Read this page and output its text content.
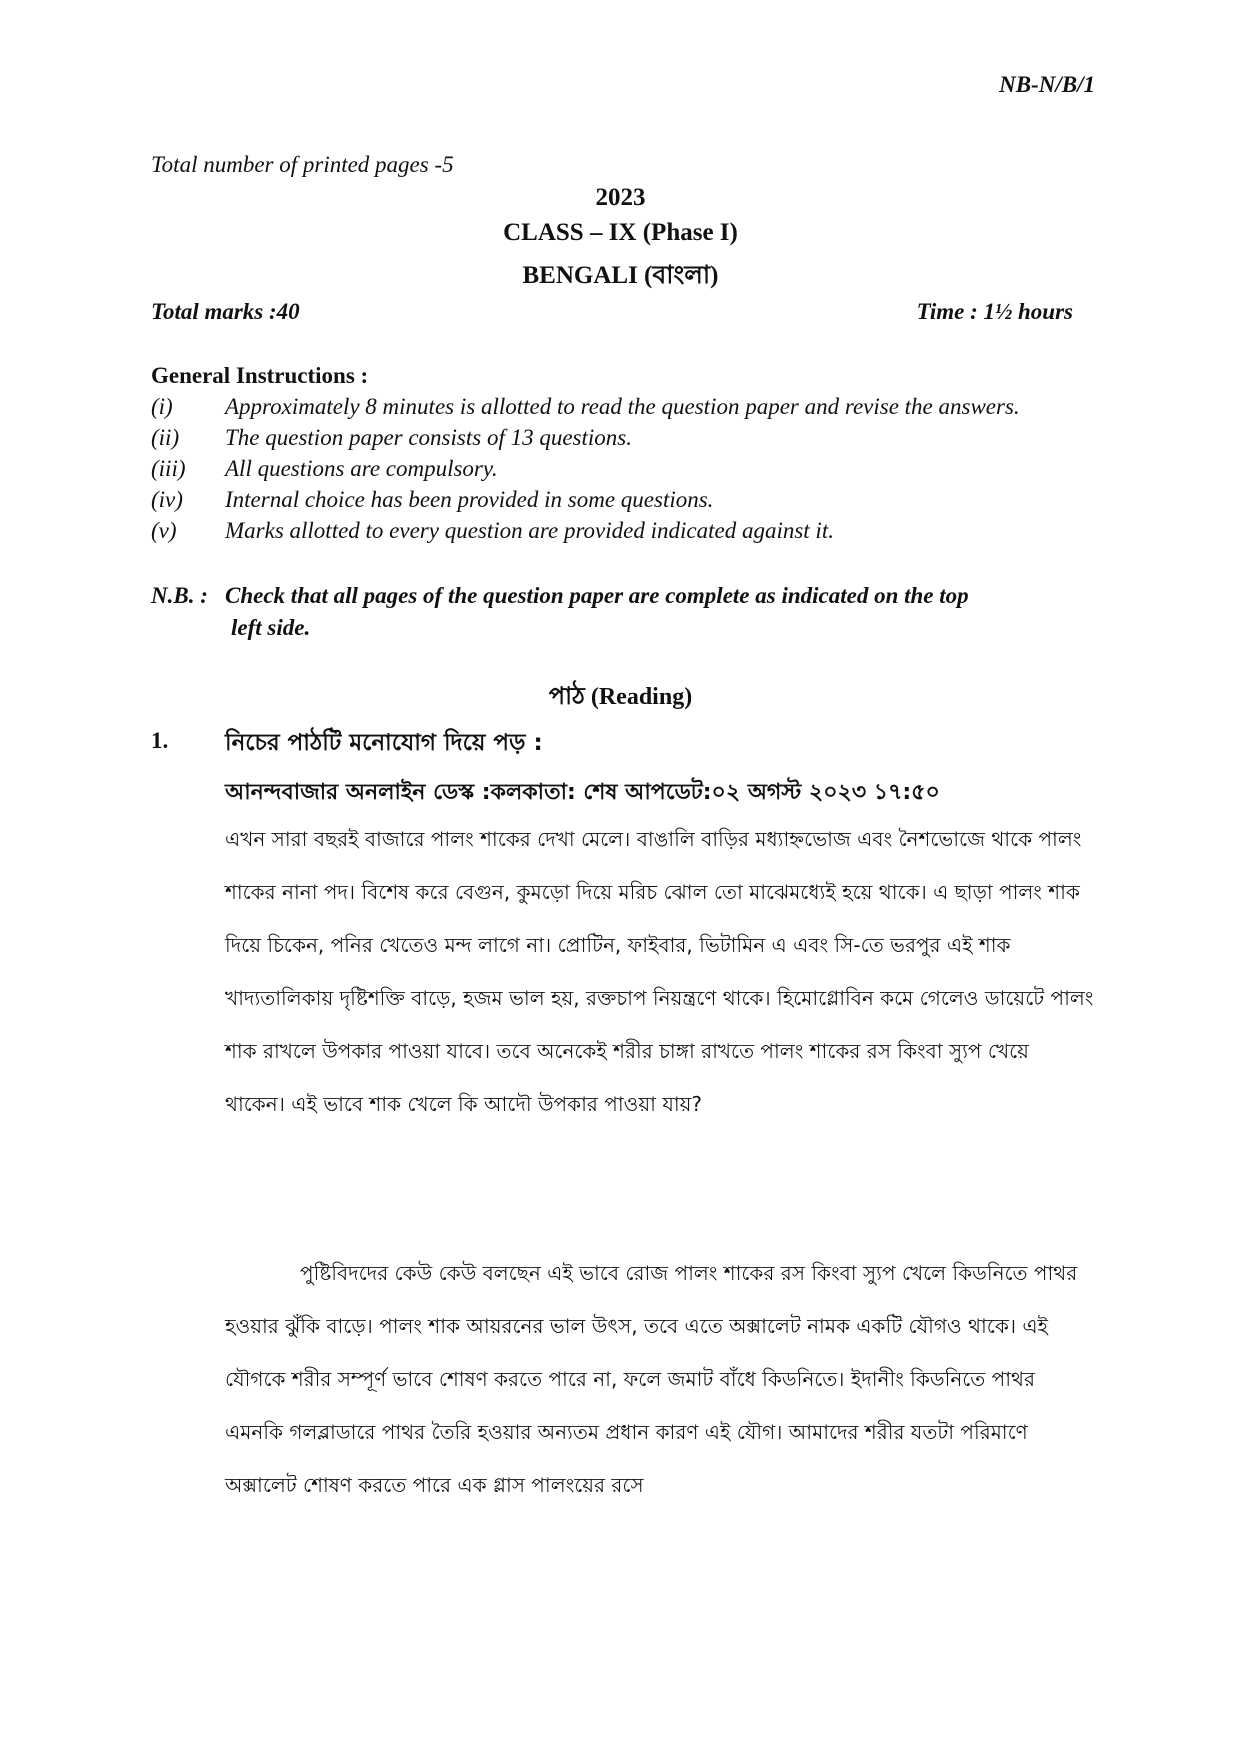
NB-N/B/1
Total number of printed pages -5
2023
CLASS – IX (Phase I)
BENGALI (বাংলা)
Total marks :40	Time : 1½ hours
General Instructions :
(i) Approximately 8 minutes is allotted to read the question paper and revise the answers.
(ii) The question paper consists of 13 questions.
(iii) All questions are compulsory.
(iv) Internal choice has been provided in some questions.
(v) Marks allotted to every question are provided indicated against it.
N.B. : Check that all pages of the question paper are complete as indicated on the top
left side.
পাঠ (Reading)
1. নিচের পাঠটি মনোযোগ দিয়ে পড় :
আনন্দবাজার অনলাইন ডেস্ক :কলকাতা: শেষ আপডেট:০২ অগস্ট ২০২৩ ১৭:৫০

এখন সারা বছরই বাজারে পালং শাকের দেখা মেলে। বাঙালি বাড়ির মধ্যাহ্নভোজ এবং নৈশভোজে থাকে পালং শাকের নানা পদ। বিশেষ করে বেগুন, কুমড়ো দিয়ে মরিচ ঝোল তো মাঝেমধ্যেই হয়ে থাকে। এ ছাড়া পালং শাক দিয়ে চিকেন, পনির খেতেও মন্দ লাগে না। প্রোটিন, ফাইবার, ভিটামিন এ এবং সি-তে ভরপুর এই শাক খাদ্যতালিকায় দৃষ্টিশক্তি বাড়ে, হজম ভাল হয়, রক্তচাপ নিয়ন্ত্রণে থাকে। হিমোগ্লোবিন কমে গেলেও ডায়েটে পালং শাক রাখলে উপকার পাওয়া যাবে। তবে অনেকেই শরীর চাঙ্গা রাখতে পালং শাকের রস কিংবা স্যুপ খেয়ে থাকেন। এই ভাবে শাক খেলে কি আদৌ উপকার পাওয়া যায়?

পুষ্টিবিদদের কেউ কেউ বলছেন এই ভাবে রোজ পালং শাকের রস কিংবা স্যুপ খেলে কিডনিতে পাথর হওয়ার ঝুঁকি বাড়ে। পালং শাক আয়রনের ভাল উৎস, তবে এতে অক্সালেট নামক একটি যৌগও থাকে। এই যৌগকে শরীর সম্পূর্ণ ভাবে শোষণ করতে পারে না, ফলে জমাট বাঁধে কিডনিতে। ইদানীং কিডনিতে পাথর এমনকি গলব্লাডারে পাথর তৈরি হওয়ার অন্যতম প্রধান কারণ এই যৌগ। আমাদের শরীর যতটা পরিমাণে অক্সালেট শোষণ করতে পারে এক গ্লাস পালংয়ের রসে
